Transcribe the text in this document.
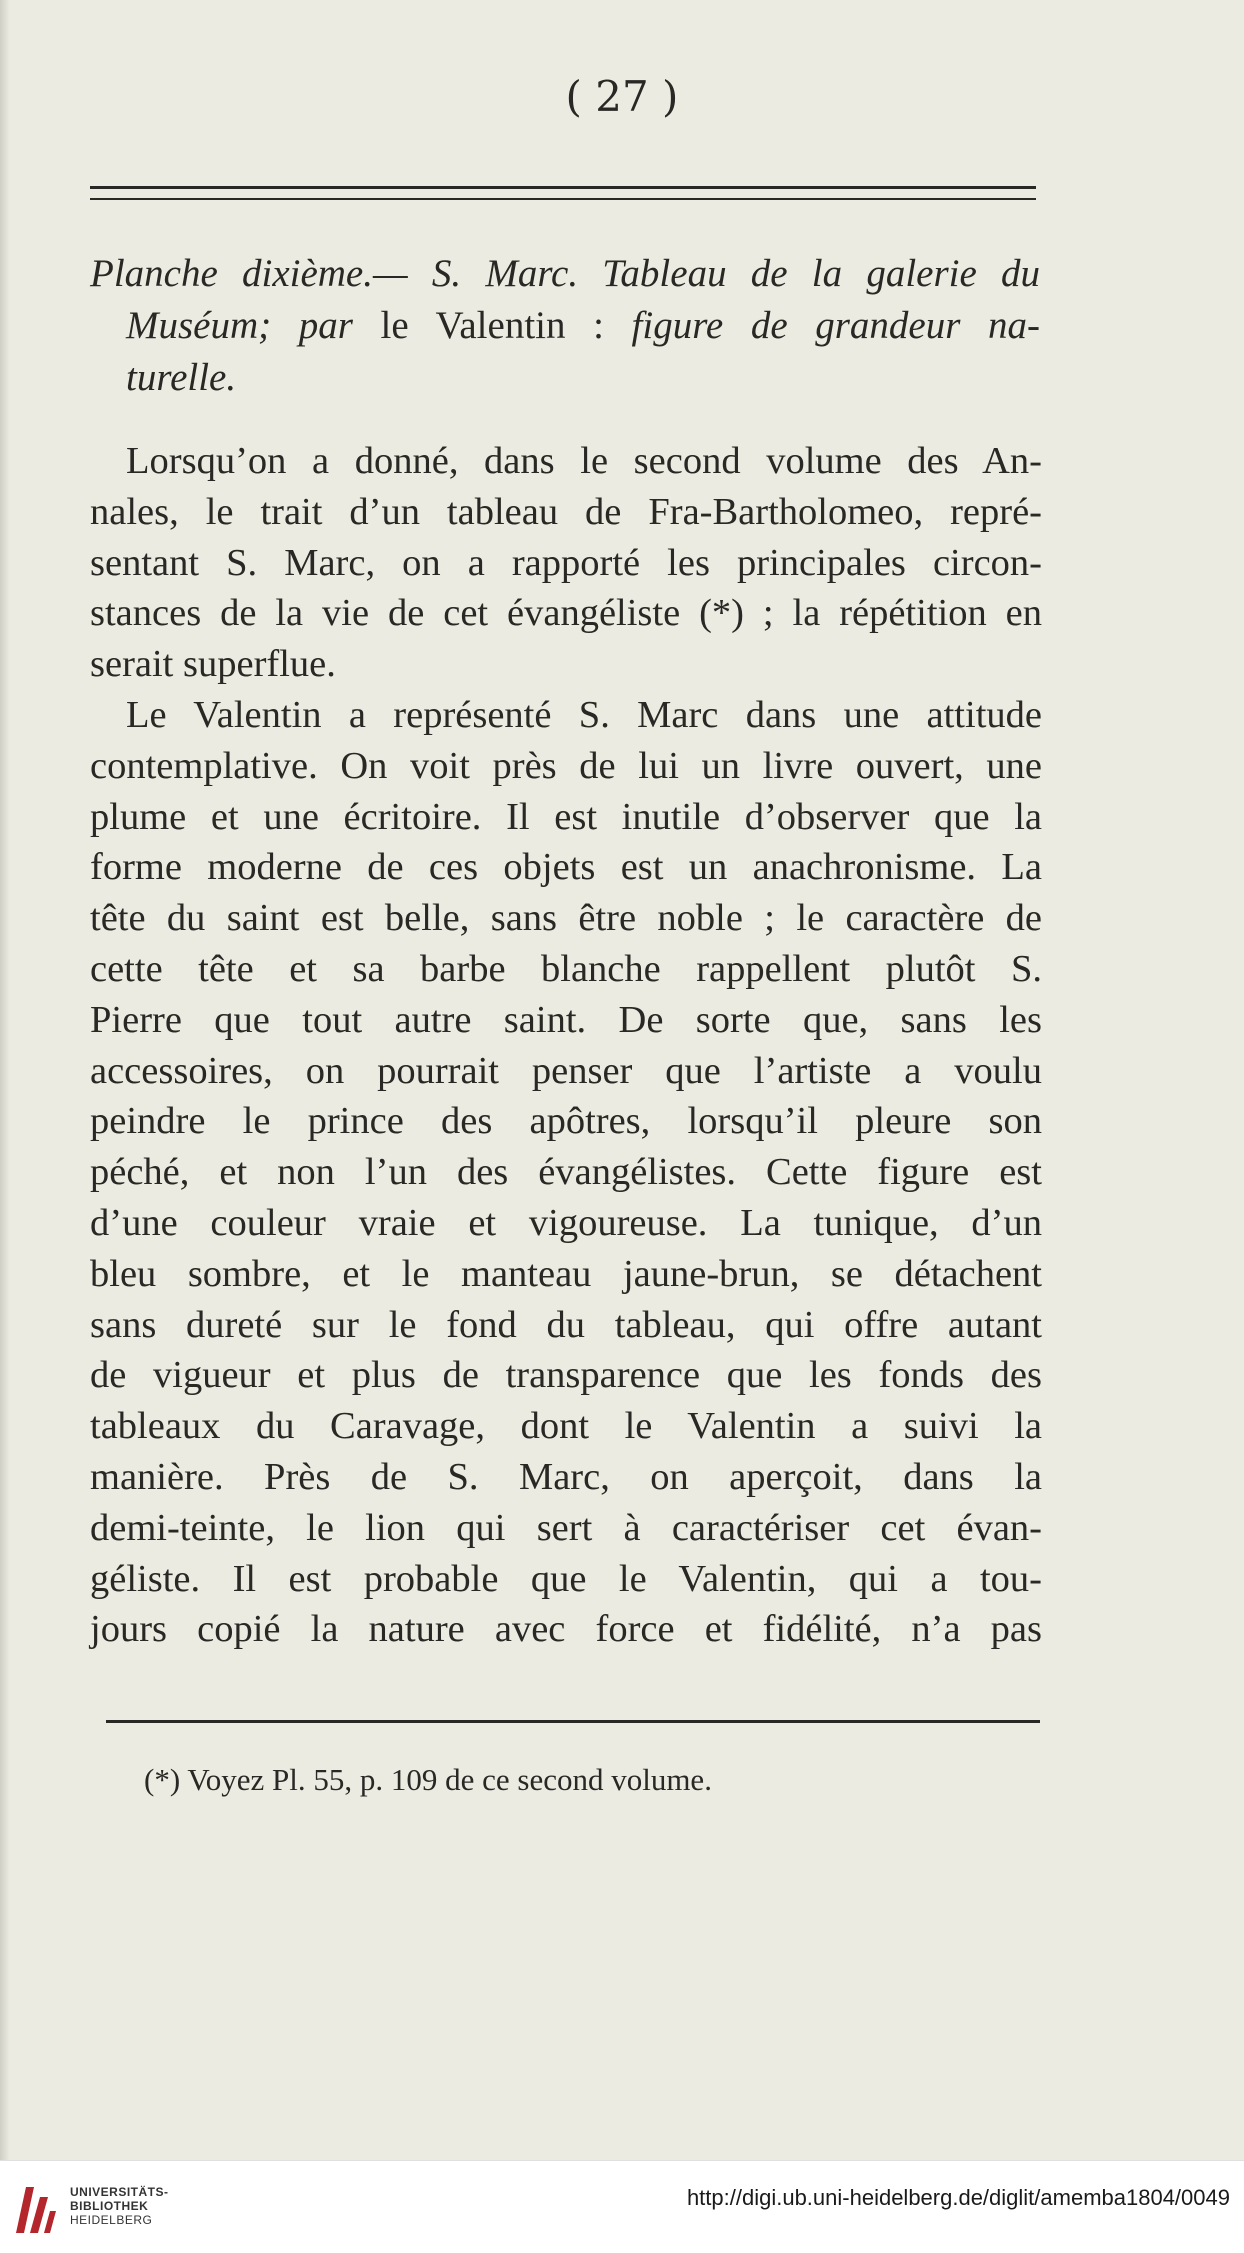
( 27 )
Planche dixième.— S. Marc. Tableau de la galerie du
Muséum; par le Valentin : figure de grandeur na-
turelle.
Lorsqu’on a donné, dans le second volume des An-
nales, le trait d’un tableau de Fra-Bartholomeo, repré-
sentant S. Marc, on a rapporté les principales circon-
stances de la vie de cet évangéliste (*) ; la répétition en
serait superflue.
Le Valentin a représenté S. Marc dans une attitude
contemplative. On voit près de lui un livre ouvert, une
plume et une écritoire. Il est inutile d’observer que la
forme moderne de ces objets est un anachronisme. La
tête du saint est belle, sans être noble ; le caractère de
cette tête et sa barbe blanche rappellent plutôt S.
Pierre que tout autre saint. De sorte que, sans les
accessoires, on pourrait penser que l’artiste a voulu
peindre le prince des apôtres, lorsqu’il pleure son
péché, et non l’un des évangélistes. Cette figure est
d’une couleur vraie et vigoureuse. La tunique, d’un
bleu sombre, et le manteau jaune-brun, se détachent
sans dureté sur le fond du tableau, qui offre autant
de vigueur et plus de transparence que les fonds des
tableaux du Caravage, dont le Valentin a suivi la
manière. Près de S. Marc, on aperçoit, dans la
demi-teinte, le lion qui sert à caractériser cet évan-
géliste. Il est probable que le Valentin, qui a tou-
jours copié la nature avec force et fidélité, n’a pas
(*) Voyez Pl. 55, p. 109 de ce second volume.
UNIVERSITÄTS-
BIBLIOTHEK
HEIDELBERG
http://digi.ub.uni-heidelberg.de/diglit/amemba1804/0049
